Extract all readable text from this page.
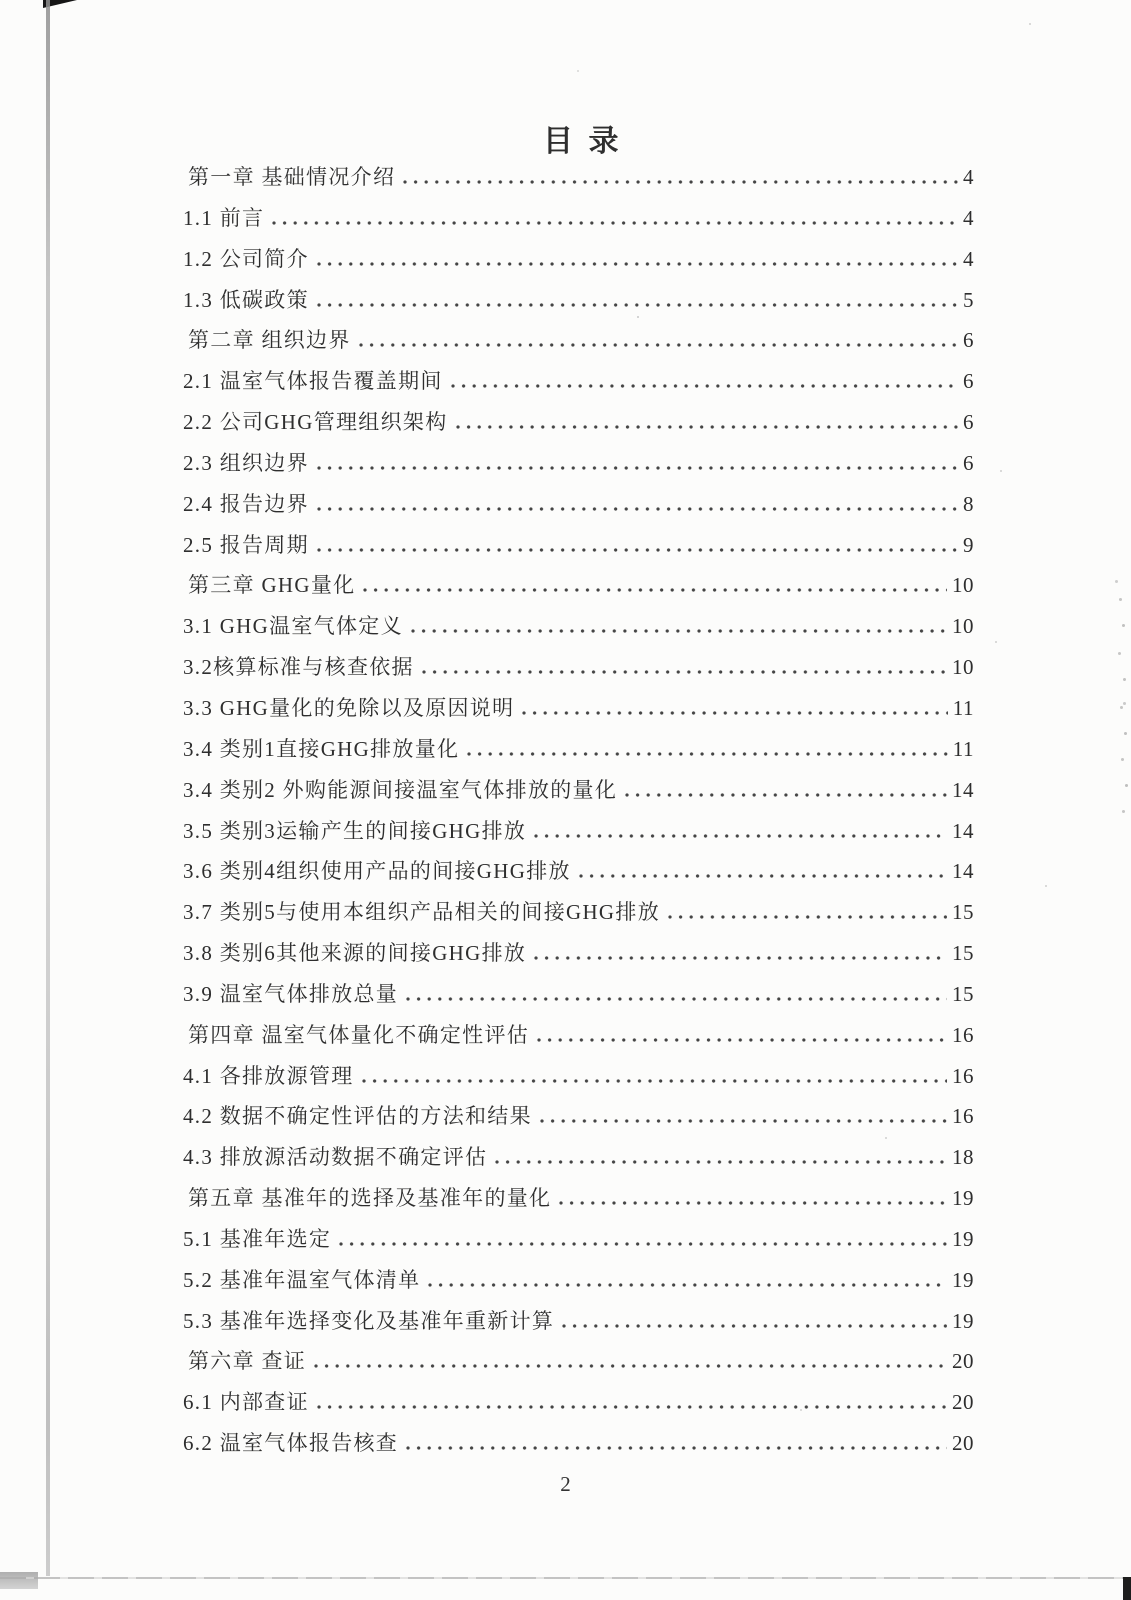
目 录
第一章 基础情况介绍	4
1.1 前言	4
1.2 公司简介	4
1.3 低碳政策	5
第二章 组织边界	6
2.1 温室气体报告覆盖期间	6
2.2 公司GHG管理组织架构	6
2.3 组织边界	6
2.4 报告边界	8
2.5 报告周期	9
第三章 GHG量化	10
3.1 GHG温室气体定义	10
3.2核算标准与核查依据	10
3.3 GHG量化的免除以及原因说明	11
3.4 类别1直接GHG排放量化	11
3.4 类别2 外购能源间接温室气体排放的量化	14
3.5 类别3运输产生的间接GHG排放	14
3.6 类别4组织使用产品的间接GHG排放	14
3.7 类别5与使用本组织产品相关的间接GHG排放	15
3.8 类别6其他来源的间接GHG排放	15
3.9 温室气体排放总量	15
第四章 温室气体量化不确定性评估	16
4.1 各排放源管理	16
4.2 数据不确定性评估的方法和结果	16
4.3 排放源活动数据不确定评估	18
第五章 基准年的选择及基准年的量化	19
5.1 基准年选定	19
5.2 基准年温室气体清单	19
5.3 基准年选择变化及基准年重新计算	19
第六章 查证	20
6.1 内部查证	20
6.2 温室气体报告核查	20
2
